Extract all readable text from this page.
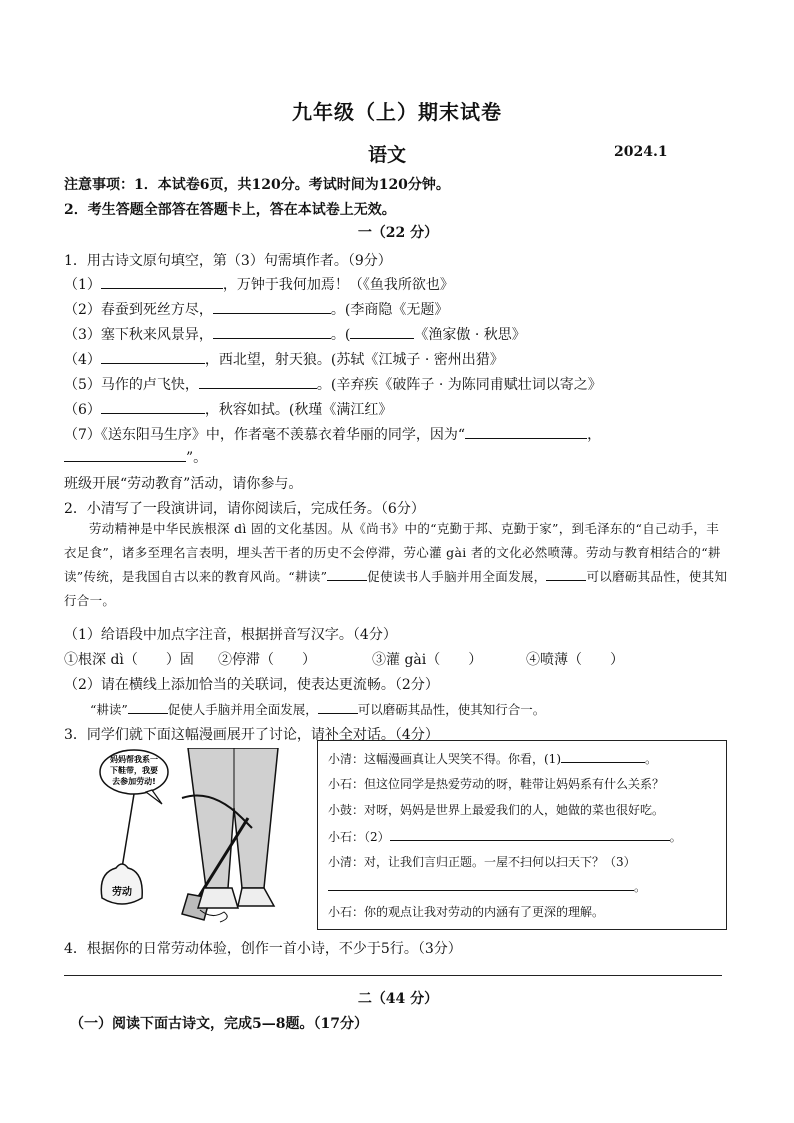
九年级（上）期末试卷
语文	2024.1
注意事项：1．本试卷6页，共120分。考试时间为120分钟。
2．考生答题全部答在答题卡上，答在本试卷上无效。
一（22 分）
1．用古诗文原句填空，第（3）句需填作者。（9分）
（1）	，万钟于我何加焉！（《鱼我所欲也》
（2）春蚕到死丝方尽，	。(李商隐《无题》
（3）塞下秋来风景异，	。(	《渔家傲 · 秋思》
（4）	，西北望，射天狼。(苏轼《江城子 · 密州出猎》
（5）马作的卢飞快，	。(辛弃疾《破阵子 · 为陈同甫赋壮词以寄之》
（6）	，秋容如拭。(秋瑾《满江红》
（7）《送东阳马生序》中，作者毫不羡慕衣着华丽的同学，因为“	，
”。
班级开展“劳动教育”活动，请你参与。
2．小清写了一段演讲词，请你阅读后，完成任务。（6分）
劳动精神是中华民族根深 dì 固的文化基因。从《尚书》中的“克勤于邦、克勤于家”，到毛泽东的“自己动手，丰衣足食”，诸多至理名言表明，埋头苦干者的历史不会停滞，劳心灌 gài 者的文化必然喷薄。劳动与教育相结合的“耕读”传统，是我国自古以来的教育风尚。“耕读”	促使读书人手脑并用全面发展，	可以磨砺其品性，使其知行合一。
（1）给语段中加点字注音，根据拼音写汉字。（4分）
①根深 dì（　　）固 ②停滞（　　）	③灌 gài（　　）	④喷薄（　　）
（2）请在横线上添加恰当的关联词，使表达更流畅。（2分）
“耕读”	促使人手脑并用全面发展，	可以磨砺其品性，使其知行合一。
3．同学们就下面这幅漫画展开了讨论，请补全对话。（4分）
妈妈帮我系一
下鞋带，我要
去参加劳动!
劳动
小清：这幅漫画真让人哭笑不得。你看，(1)	。
小石：但这位同学是热爱劳动的呀，鞋带让妈妈系有什么关系？
小鼓：对呀，妈妈是世界上最爱我们的人，她做的菜也很好吃。
小石：（2）	。
小清：对，让我们言归正题。一屋不扫何以扫天下？（3）
。
小石：你的观点让我对劳动的内涵有了更深的理解。
4．根据你的日常劳动体验，创作一首小诗，不少于5行。（3分）
二（44 分）
（一）阅读下面古诗文，完成5—8题。（17分）
